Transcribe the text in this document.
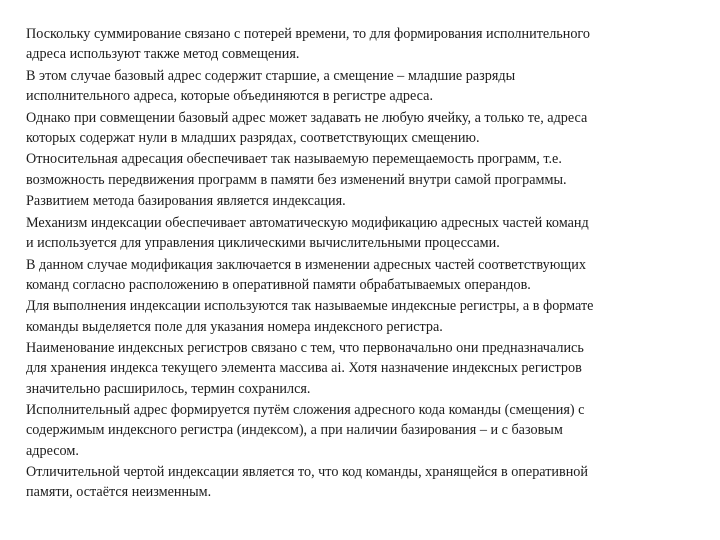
Поскольку суммирование связано с потерей времени, то для формирования исполнительного
адреса используют также метод совмещения.

В этом случае базовый адрес содержит старшие, а смещение – младшие разряды
исполнительного адреса, которые объединяются в регистре адреса.

Однако при совмещении базовый адрес может задавать не любую ячейку, а только те, адреса
которых содержат нули в младших разрядах, соответствующих смещению.

Относительная адресация обеспечивает так называемую перемещаемость программ, т.е.
возможность передвижения программ в памяти без изменений внутри самой программы.

Развитием метода базирования является индексация.

Механизм индексации обеспечивает автоматическую модификацию адресных частей команд
и используется для управления циклическими вычислительными процессами.

В данном случае модификация заключается в изменении адресных частей соответствующих
команд согласно расположению в оперативной памяти обрабатываемых операндов.

Для выполнения индексации используются так называемые индексные регистры, а в формате
команды выделяется поле для указания номера индексного регистра.

Наименование индексных регистров связано с тем, что первоначально они предназначались
для хранения индекса текущего элемента массива ai. Хотя назначение индексных регистров
значительно расширилось, термин сохранился.

Исполнительный адрес формируется путём сложения адресного кода команды (смещения) с
содержимым индексного регистра (индексом), а при наличии базирования – и с базовым
адресом.

Отличительной чертой индексации является то, что код команды, хранящейся в оперативной
памяти, остаётся неизменным.
